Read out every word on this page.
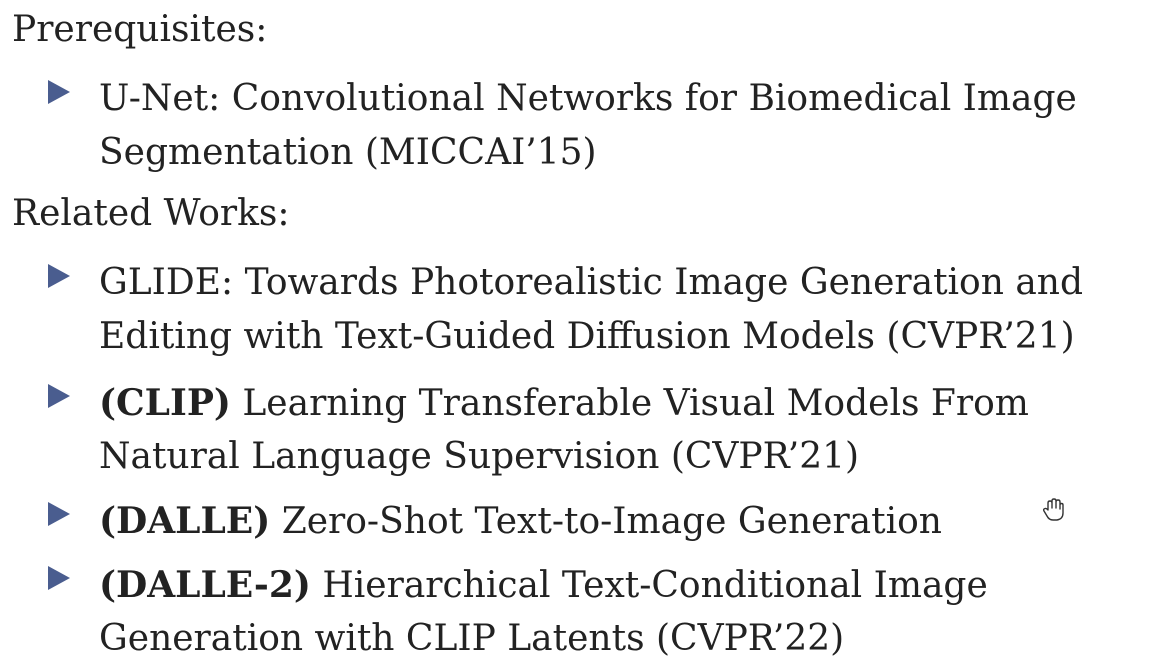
Prerequisites:
U-Net: Convolutional Networks for Biomedical Image
Segmentation (MICCAI’15)
Related Works:
GLIDE: Towards Photorealistic Image Generation and
Editing with Text-Guided Diffusion Models (CVPR’21)
(CLIP) Learning Transferable Visual Models From
Natural Language Supervision (CVPR’21)
(DALLE) Zero-Shot Text-to-Image Generation
(DALLE-2) Hierarchical Text-Conditional Image
Generation with CLIP Latents (CVPR’22)
